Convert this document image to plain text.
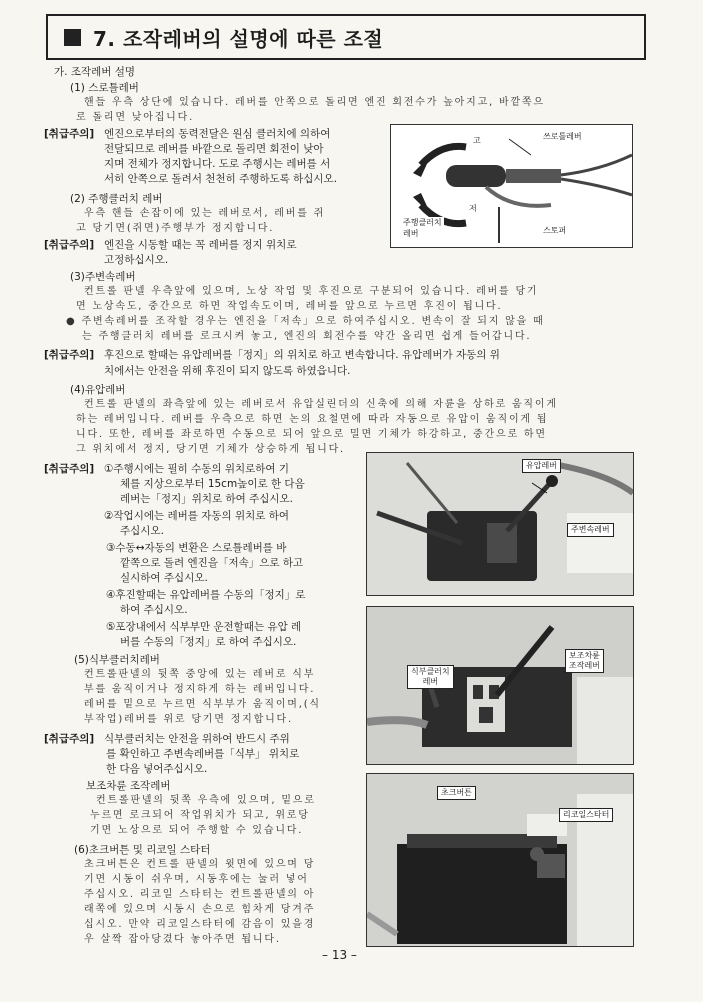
7. 조작레버의 설명에 따른 조절
가. 조작레버 설명
(1) 스로틀레버
핸들 우측 상단에 있습니다. 레버를 안쪽으로 돌리면 엔진 회전수가 높아지고, 바깥쪽으
로 돌리면 낮아집니다.
[취급주의] 엔진으로부터의 동력전달은 원심 클러치에 의하여
전달되므로 레버를 바깥으로 돌리면 회전이 낮아
지며 전체가 정지합니다. 도로 주행시는 레버를 서
서히 안쪽으로 돌려서 천천히 주행하도록 하십시오.
고
저
쓰로틀레버
주행클러치
레버	스토퍼
(2) 주행클러치 레버
우측 핸들 손잡이에 있는 레버로서, 레버를 쥐
고 당기면(쥐면)주행부가 정지합니다.
[취급주의] 엔진을 시동할 때는 꼭 레버를 정지 위치로
고정하십시오.
(3)주변속레버
컨트롤 판넬 우측앞에 있으며, 노상 작업 및 후진으로 구분되어 있습니다. 레버를 당기
면 노상속도, 중간으로 하면 작업속도이며, 레버를 앞으로 누르면 후진이 됩니다.
● 주변속레버를 조작할 경우는 엔진을「저속」으로 하여주십시오. 변속이 잘 되지 않을 때
는 주행클러치 레버를 로크시켜 놓고, 엔진의 회전수를 약간 올리면 쉽게 들어갑니다.
[취급주의] 후진으로 할때는 유압레버를「정지」의 위치로 하고 변속합니다. 유압레버가 자동의 위
치에서는 안전을 위해 후진이 되지 않도록 하였읍니다.
(4)유압레버
컨트롤 판넬의 좌측앞에 있는 레버로서 유압실린더의 신축에 의해 자륜을 상하로 움직이게
하는 레버입니다. 레버를 우측으로 하면 논의 요철면에 따라 자동으로 유압이 움직이게 됩
니다. 또한, 레버를 좌로하면 수동으로 되어 앞으로 밀면 기체가 하강하고, 중간으로 하면
그 위치에서 정지, 당기면 기체가 상승하게 됩니다.
[취급주의] ①주행시에는 필히 수동의 위치로하여 기
체를 지상으로부터 15cm높이로 한 다음
레버는「정지」위치로 하여 주십시오.
②작업시에는 레버를 자동의 위치로 하여
주십시오.
③수동↔자동의 변환은 스로틀레버를 바
깥쪽으로 돌려 엔진을「저속」으로 하고
실시하여 주십시오.
④후진할때는 유압레버를 수동의「정지」로
하여 주십시오.
⑤포장내에서 식부부만 운전할때는 유압 레
버를 수동의「정지」로 하여 주십시오.
유압레버
주변속레버
(5)식부클러치레버
컨트롤판넬의 뒷쪽 중앙에 있는 레버로 식부
부를 움직이거나 정지하게 하는 레버입니다.
레버를 밑으로 누르면 식부부가 움직이며,(식
부작업)레버를 위로 당기면 정지합니다.
[취급주의] 식부클러치는 안전을 위하여 반드시 주위
를 확인하고 주변속레버를「식부」 위치로
한 다음 넣어주십시오.
보조차륜 조작레버
컨트롤판넬의 뒷쪽 우측에 있으며, 밑으로
누르면 로크되어 작업위치가 되고, 위로당
기면 노상으로 되어 주행할 수 있습니다.
식부클러치
레버
보조차륜
조작레버
(6)초크버튼 및 리코일 스타터
초크버튼은 컨트롤 판넬의 윗면에 있으며 당
기면 시동이 쉬우며, 시동후에는 눌러 넣어
주십시오. 리코일 스타터는 컨트롤판넬의 아
래쪽에 있으며 시동시 손으로 힘차게 당겨주
십시오. 만약 리코일스타터에 감음이 있을경
우 살짝 잡아당겼다 놓아주면 됩니다.
초크버튼
리코일스타터
– 13 –
